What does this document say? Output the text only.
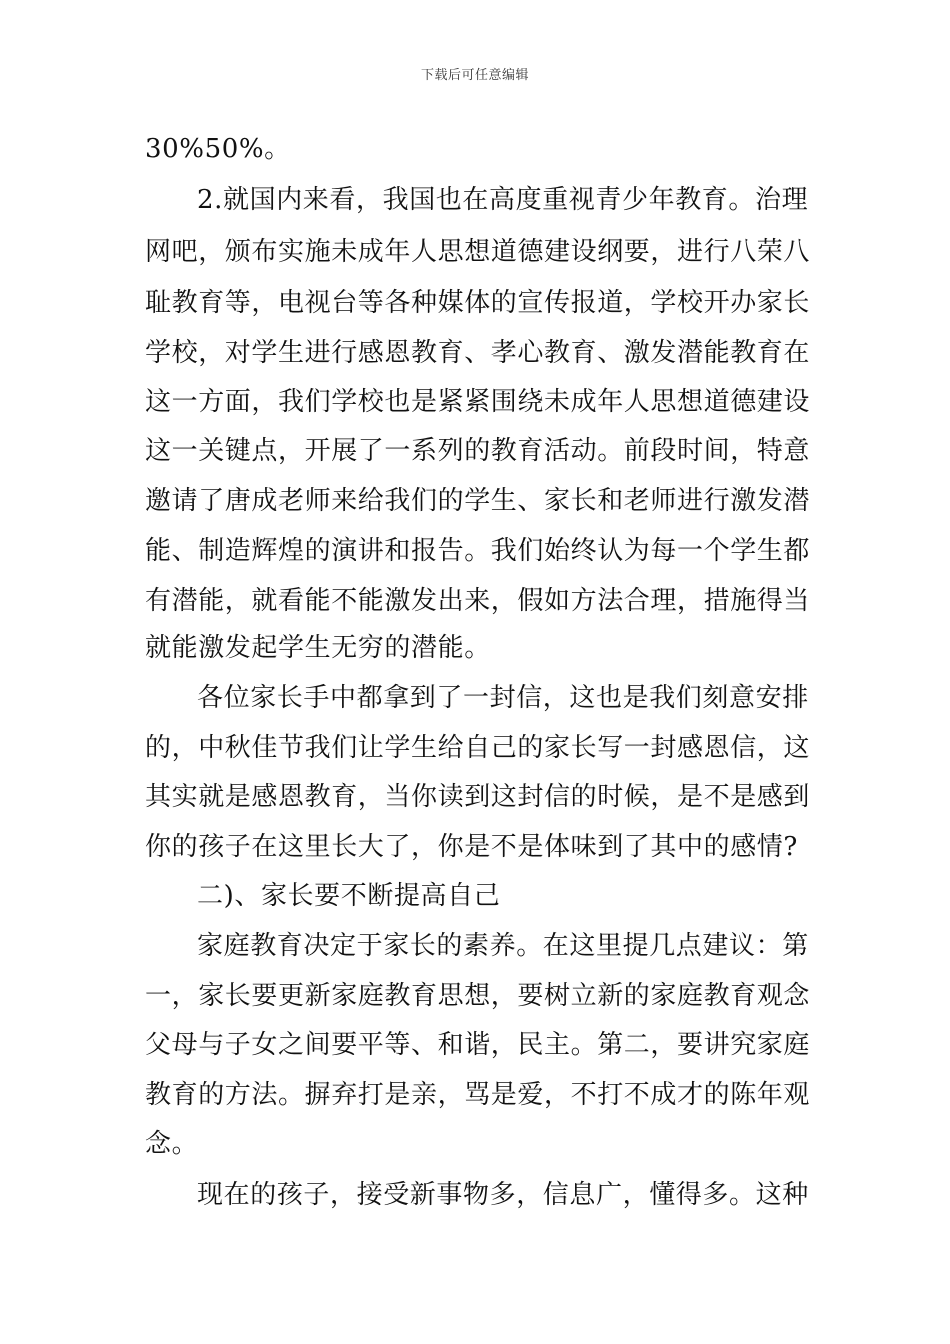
下载后可任意编辑
30%50%。
2.就国内来看，我国也在高度重视青少年教育。治理
网吧，颁布实施未成年人思想道德建设纲要，进行八荣八
耻教育等，电视台等各种媒体的宣传报道，学校开办家长
学校，对学生进行感恩教育、孝心教育、激发潜能教育在
这一方面，我们学校也是紧紧围绕未成年人思想道德建设
这一关键点，开展了一系列的教育活动。前段时间，特意
邀请了唐成老师来给我们的学生、家长和老师进行激发潜
能、制造辉煌的演讲和报告。我们始终认为每一个学生都
有潜能，就看能不能激发出来，假如方法合理，措施得当
就能激发起学生无穷的潜能。
各位家长手中都拿到了一封信，这也是我们刻意安排
的，中秋佳节我们让学生给自己的家长写一封感恩信，这
其实就是感恩教育，当你读到这封信的时候，是不是感到
你的孩子在这里长大了，你是不是体味到了其中的感情?
二)、家长要不断提高自己
家庭教育决定于家长的素养。在这里提几点建议：第
一，家长要更新家庭教育思想，要树立新的家庭教育观念
父母与子女之间要平等、和谐，民主。第二，要讲究家庭
教育的方法。摒弃打是亲，骂是爱，不打不成才的陈年观
念。
现在的孩子，接受新事物多，信息广，懂得多。这种
